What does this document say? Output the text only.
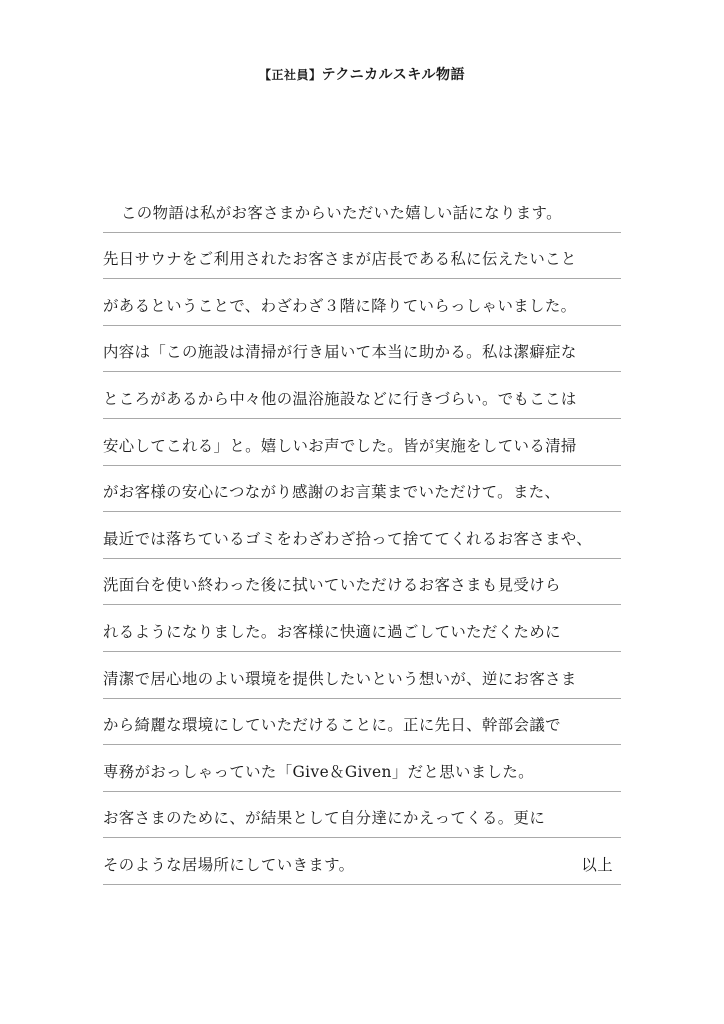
【正社員】テクニカルスキル物語
この物語は私がお客さまからいただいた嬉しい話になります。
先日サウナをご利用されたお客さまが店長である私に伝えたいこと
があるということで、わざわざ３階に降りていらっしゃいました。
内容は「この施設は清掃が行き届いて本当に助かる。私は潔癖症な
ところがあるから中々他の温浴施設などに行きづらい。でもここは
安心してこれる」と。嬉しいお声でした。皆が実施をしている清掃
がお客様の安心につながり感謝のお言葉までいただけて。また、
最近では落ちているゴミをわざわざ拾って捨ててくれるお客さまや、
洗面台を使い終わった後に拭いていただけるお客さまも見受けら
れるようになりました。お客様に快適に過ごしていただくために
清潔で居心地のよい環境を提供したいという想いが、逆にお客さま
から綺麗な環境にしていただけることに。正に先日、幹部会議で
専務がおっしゃっていた「Give＆Given」だと思いました。
お客さまのために、が結果として自分達にかえってくる。更に
そのような居場所にしていきます。	以上
